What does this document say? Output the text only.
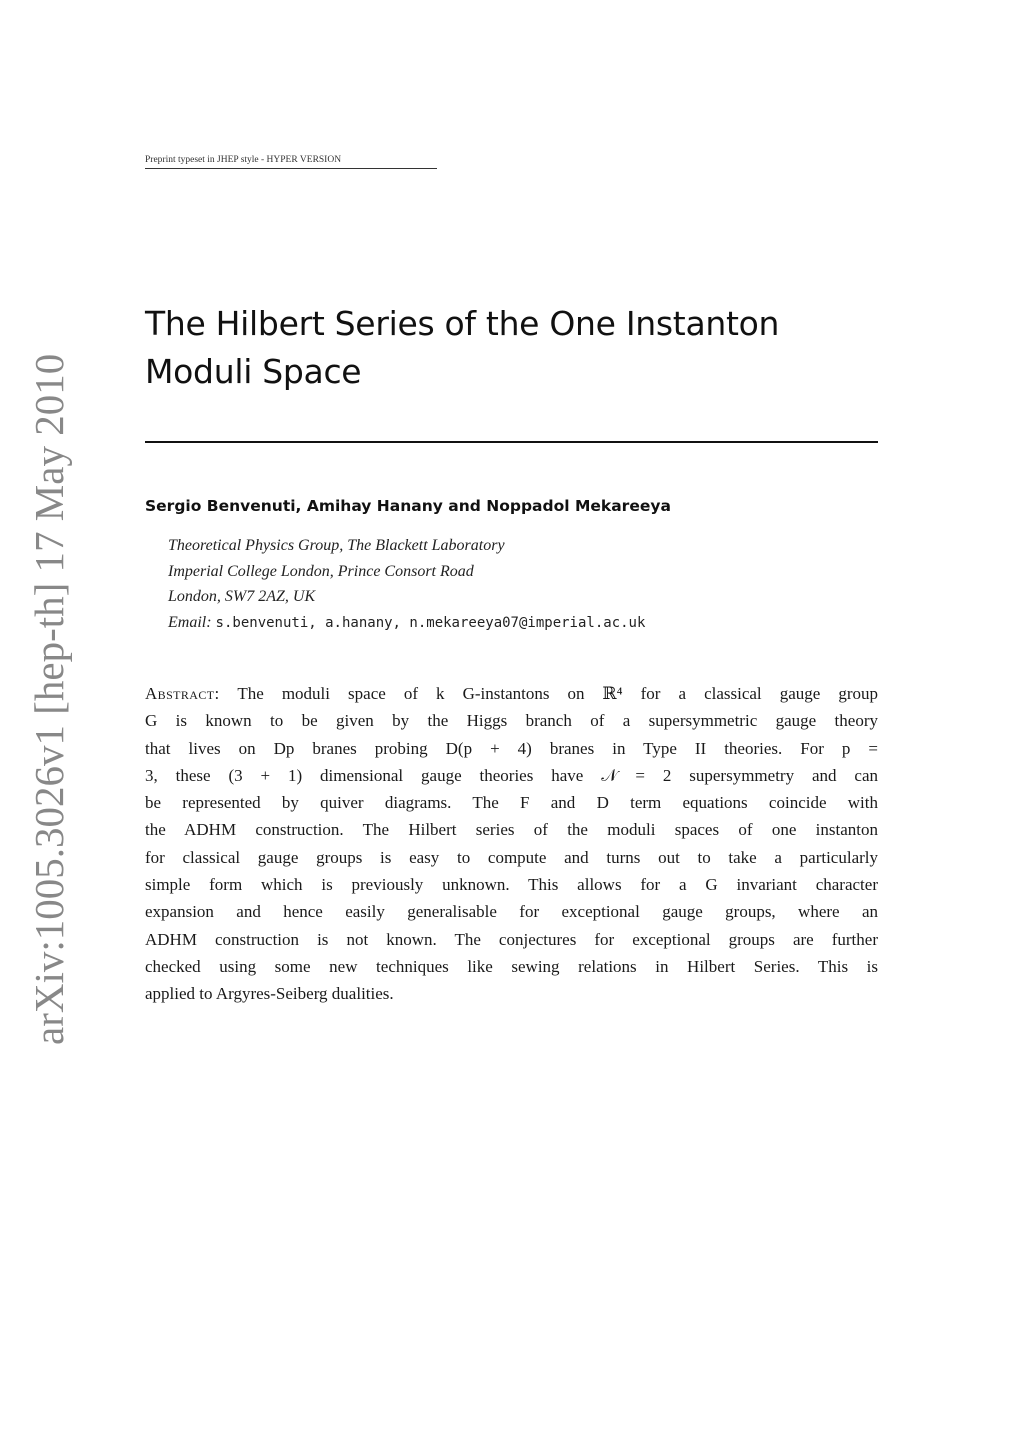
Preprint typeset in JHEP style - HYPER VERSION
The Hilbert Series of the One Instanton
Moduli Space
Sergio Benvenuti, Amihay Hanany and Noppadol Mekareeya
Theoretical Physics Group, The Blackett Laboratory
Imperial College London, Prince Consort Road
London, SW7 2AZ, UK
Email: s.benvenuti, a.hanany, n.mekareeya07@imperial.ac.uk
Abstract: The moduli space of k G-instantons on ℝ⁴ for a classical gauge group
G is known to be given by the Higgs branch of a supersymmetric gauge theory
that lives on Dp branes probing D(p + 4) branes in Type II theories. For p =
3, these (3 + 1) dimensional gauge theories have 𝒩 = 2 supersymmetry and can
be represented by quiver diagrams. The F and D term equations coincide with
the ADHM construction. The Hilbert series of the moduli spaces of one instanton
for classical gauge groups is easy to compute and turns out to take a particularly
simple form which is previously unknown. This allows for a G invariant character
expansion and hence easily generalisable for exceptional gauge groups, where an
ADHM construction is not known. The conjectures for exceptional groups are further
checked using some new techniques like sewing relations in Hilbert Series. This is
applied to Argyres-Seiberg dualities.
arXiv:1005.3026v1 [hep-th] 17 May 2010
